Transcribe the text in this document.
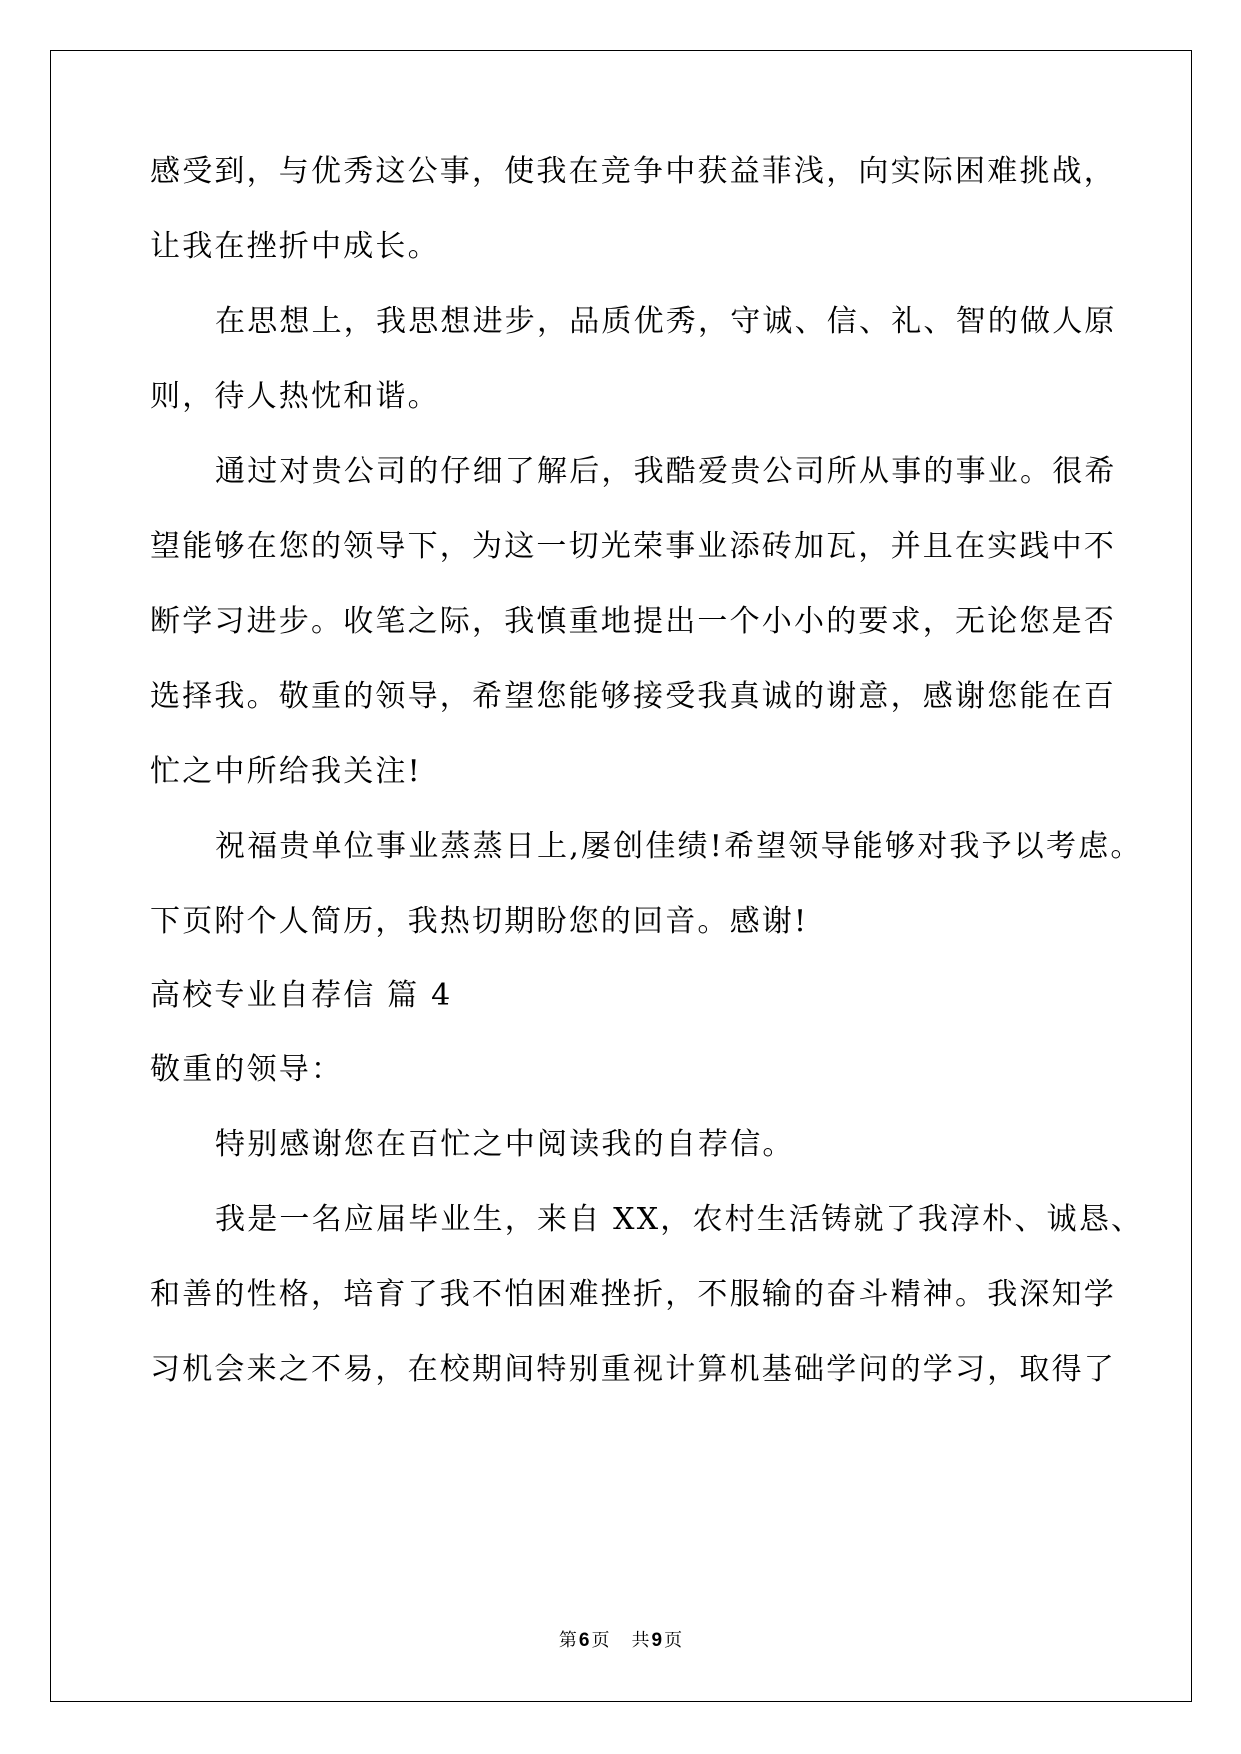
感受到，与优秀这公事，使我在竞争中获益菲浅，向实际困难挑战，
让我在挫折中成长。
在思想上，我思想进步，品质优秀，守诚、信、礼、智的做人原
则，待人热忱和谐。
通过对贵公司的仔细了解后，我酷爱贵公司所从事的事业。很希
望能够在您的领导下，为这一切光荣事业添砖加瓦，并且在实践中不
断学习进步。收笔之际，我慎重地提出一个小小的要求，无论您是否
选择我。敬重的领导，希望您能够接受我真诚的谢意，感谢您能在百
忙之中所给我关注!
祝福贵单位事业蒸蒸日上,屡创佳绩!希望领导能够对我予以考虑。
下页附个人简历，我热切期盼您的回音。感谢!
高校专业自荐信 篇 4
敬重的领导：
特别感谢您在百忙之中阅读我的自荐信。
我是一名应届毕业生，来自 XX，农村生活铸就了我淳朴、诚恳、
和善的性格，培育了我不怕困难挫折，不服输的奋斗精神。我深知学
习机会来之不易，在校期间特别重视计算机基础学问的学习，取得了
第 6 页 共 9 页
